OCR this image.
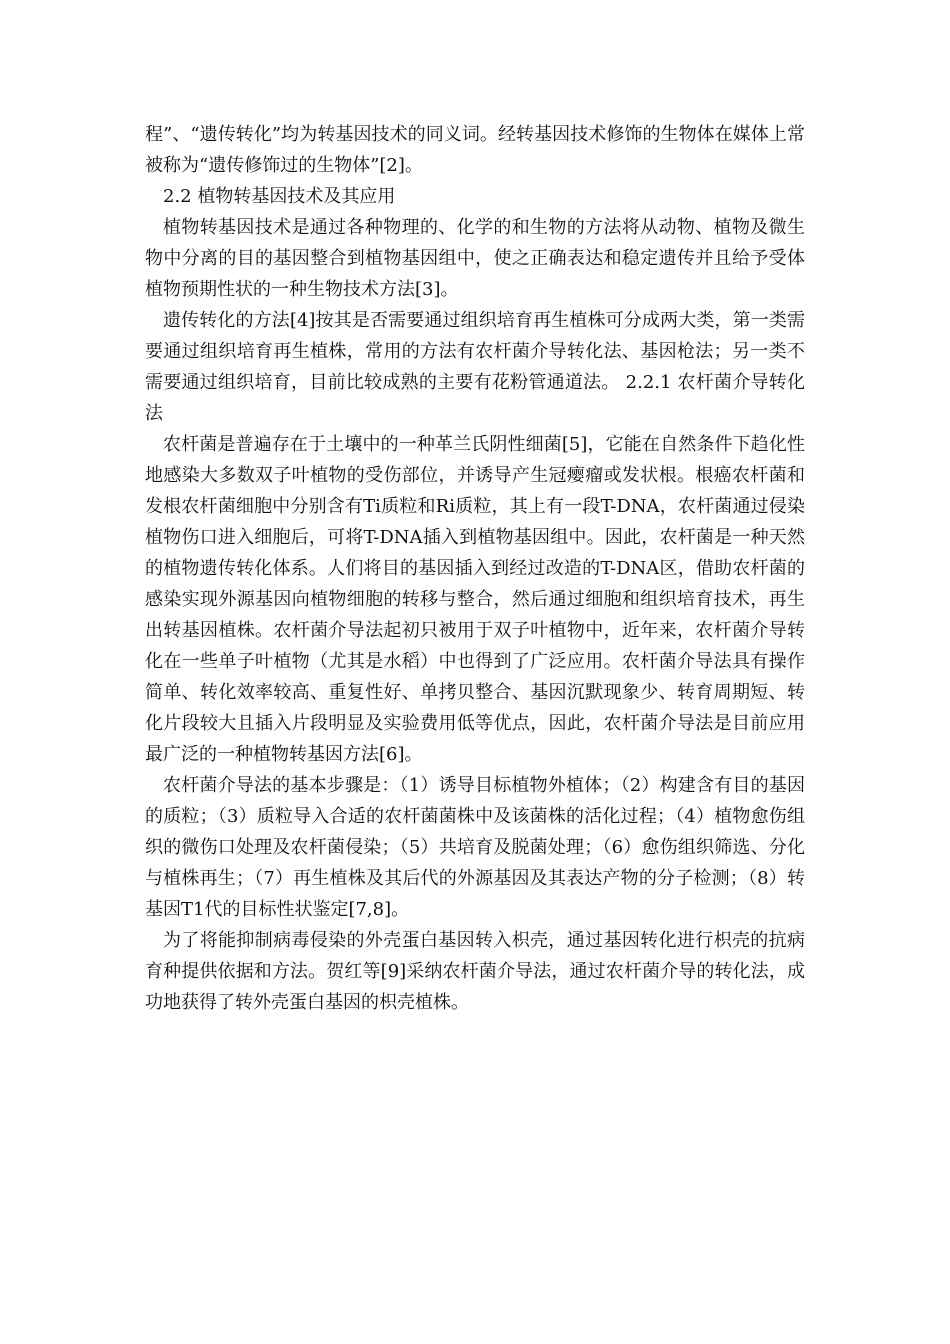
程”、“遗传转化”均为转基因技术的同义词。经转基因技术修饰的生物体在媒体上常被称为“遗传修饰过的生物体”[2]。

2.2 植物转基因技术及其应用

植物转基因技术是通过各种物理的、化学的和生物的方法将从动物、植物及微生物中分离的目的基因整合到植物基因组中，使之正确表达和稳定遗传并且给予受体植物预期性状的一种生物技术方法[3]。

遗传转化的方法[4]按其是否需要通过组织培育再生植株可分成两大类，第一类需要通过组织培育再生植株，常用的方法有农杆菌介导转化法、基因枪法；另一类不需要通过组织培育，目前比较成熟的主要有花粉管通道法。 2.2.1 农杆菌介导转化法

农杆菌是普遍存在于土壤中的一种革兰氏阴性细菌[5]，它能在自然条件下趋化性地感染大多数双子叶植物的受伤部位，并诱导产生冠瘿瘤或发状根。根癌农杆菌和发根农杆菌细胞中分别含有Ti质粒和Ri质粒，其上有一段T-DNA，农杆菌通过侵染植物伤口进入细胞后，可将T-DNA插入到植物基因组中。因此，农杆菌是一种天然的植物遗传转化体系。人们将目的基因插入到经过改造的T-DNA区，借助农杆菌的感染实现外源基因向植物细胞的转移与整合，然后通过细胞和组织培育技术，再生出转基因植株。农杆菌介导法起初只被用于双子叶植物中，近年来，农杆菌介导转化在一些单子叶植物（尤其是水稻）中也得到了广泛应用。农杆菌介导法具有操作简单、转化效率较高、重复性好、单拷贝整合、基因沉默现象少、转育周期短、转化片段较大且插入片段明显及实验费用低等优点，因此，农杆菌介导法是目前应用最广泛的一种植物转基因方法[6]。

农杆菌介导法的基本步骤是：（1）诱导目标植物外植体；（2）构建含有目的基因的质粒；（3）质粒导入合适的农杆菌菌株中及该菌株的活化过程；（4）植物愈伤组织的微伤口处理及农杆菌侵染；（5）共培育及脱菌处理；（6）愈伤组织筛选、分化与植株再生；（7）再生植株及其后代的外源基因及其表达产物的分子检测；（8）转基因T1代的目标性状鉴定[7,8]。

为了将能抑制病毒侵染的外壳蛋白基因转入枳壳，通过基因转化进行枳壳的抗病育种提供依据和方法。贺红等[9]采纳农杆菌介导法，通过农杆菌介导的转化法，成功地获得了转外壳蛋白基因的枳壳植株。
